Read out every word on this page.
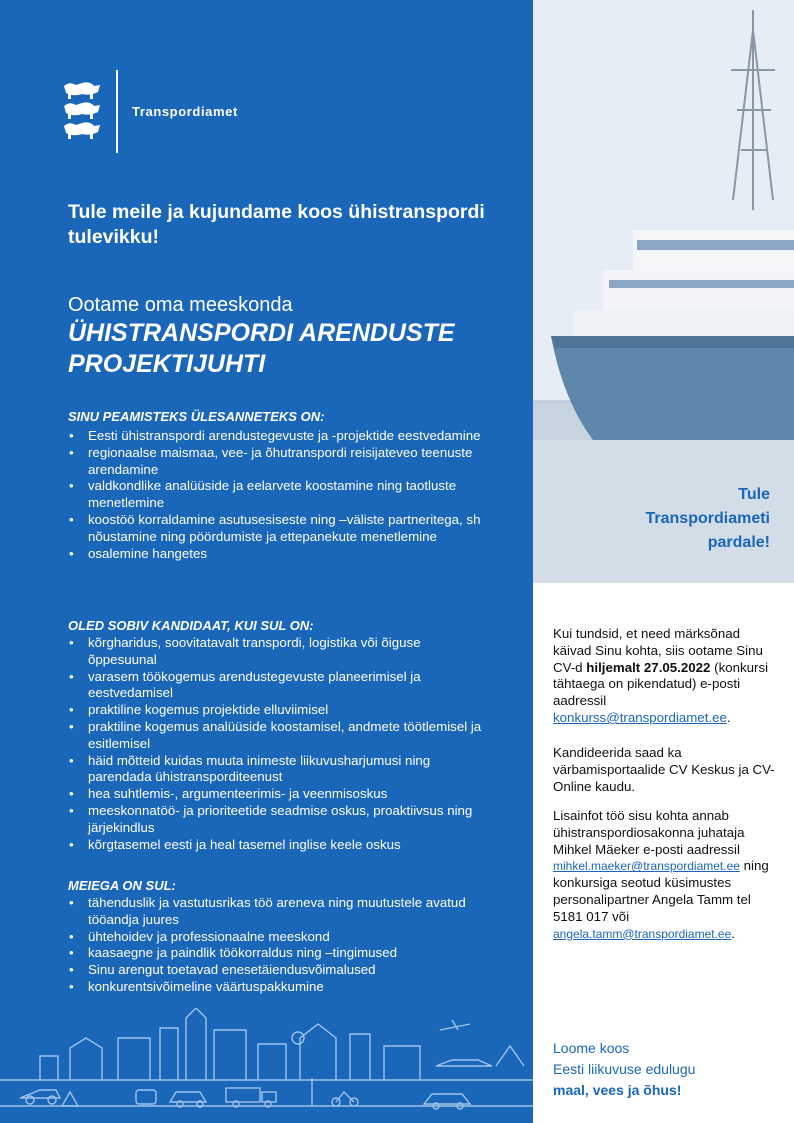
Transpordiamet
Tule meile ja kujundame koos ühistranspordi tulevikku!
Ootame oma meeskonda
ÜHISTRANSPORDI ARENDUSTE PROJEKTIJUHTI
SINU PEAMISTEKS ÜLESANNETEKS ON:
• Eesti ühistranspordi arendustegevuste ja -projektide eestvedamine
• regionaalse maismaa, vee- ja õhutranspordi reisijateveo teenuste arendamine
• valdkondlike analüüside ja eelarvete koostamine ning taotluste menetlemine
• koostöö korraldamine asutusesiseste ning –väliste partneritega, sh nõustamine ning pöördumiste ja ettepanekute menetlemine
• osalemine hangetes
OLED SOBIV KANDIDAAT, KUI SUL ON:
• kõrgharidus, soovitatavalt transpordi, logistika või õiguse õppesuunal
• varasem töökogemus arendustegevuste planeerimisel ja eestvedamisel
• praktiline kogemus projektide elluviimisel
• praktiline kogemus analüüside koostamisel, andmete töötlemisel ja esitlemisel
• häid mõtteid kuidas muuta inimeste liikuvusharjumusi ning parendada ühistransporditeenust
• hea suhtlemis-, argumenteerimis- ja veenmisoskus
• meeskonnatöö- ja prioriteetide seadmise oskus, proaktiivsus ning järjekindlus
• kõrgtasemel eesti ja heal tasemel inglise keele oskus
MEIEGA ON SUL:
• tähenduslik ja vastutusrikas töö areneva ning muutustele avatud tööandja juures
• ühtehoidev ja professionaalne meeskond
• kaasaegne ja paindlik töökorraldus ning –tingimused
• Sinu arengut toetavad enesetäiendusvõimalused
• konkurentsivõimeline väärtuspakkumine
Tule
Transpordiameti
pardale!

Kui tundsid, et need märksõnad käivad Sinu kohta, siis ootame Sinu CV-d hiljemalt 27.05.2022 (konkursi tähtaega on pikendatud) e-posti aadressil konkurss@transpordiamet.ee.

Kandideerida saad ka värbamisportaalide CV Keskus ja CV-Online kaudu.

Lisainfot töö sisu kohta annab ühistranspordiosakonna juhataja Mihkel Mäeker e-posti aadressil mihkel.maeker@transpordiamet.ee ning konkursiga seotud küsimustes personalipartner Angela Tamm tel 5181 017 või angela.tamm@transpordiamet.ee.

Loome koos
Eesti liikuvuse edulugu
maal, vees ja õhus!
